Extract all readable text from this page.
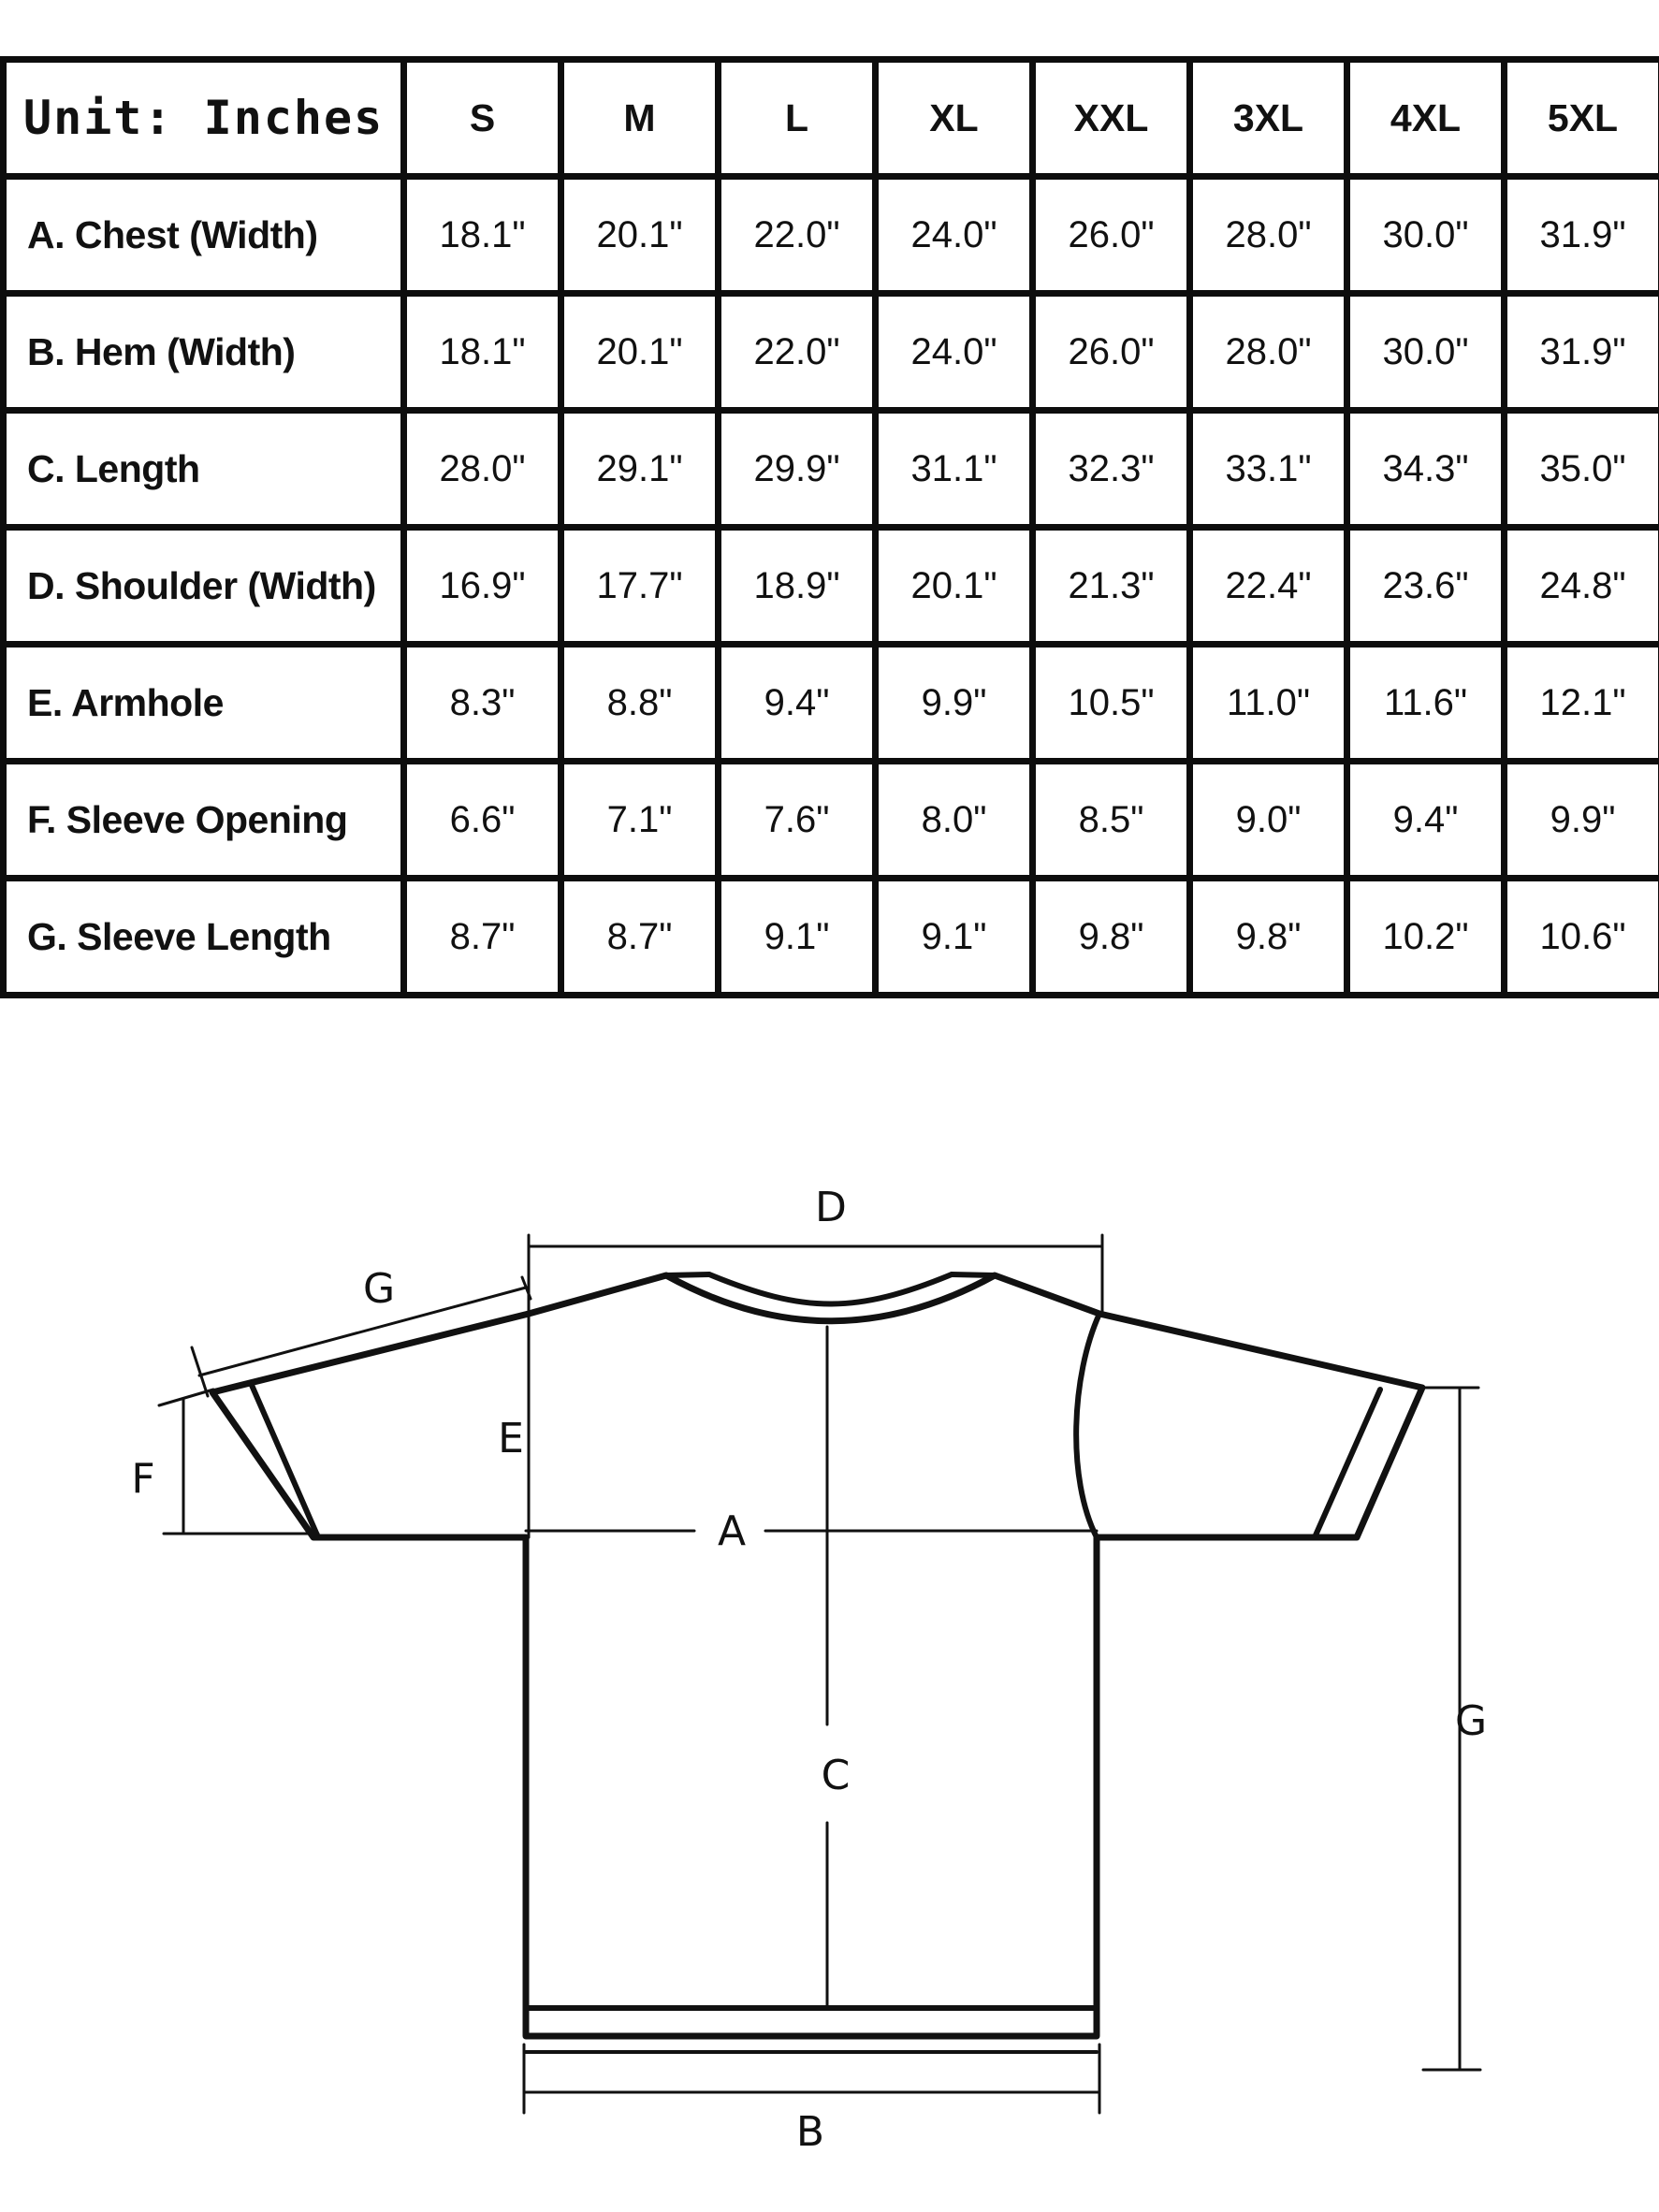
Unit: Inches	S	M	L	XL	XXL	3XL	4XL	5XL
A. Chest (Width)	18.1"	20.1"	22.0"	24.0"	26.0"	28.0"	30.0"	31.9"
B. Hem (Width)	18.1"	20.1"	22.0"	24.0"	26.0"	28.0"	30.0"	31.9"
C. Length	28.0"	29.1"	29.9"	31.1"	32.3"	33.1"	34.3"	35.0"
D. Shoulder (Width)	16.9"	17.7"	18.9"	20.1"	21.3"	22.4"	23.6"	24.8"
E. Armhole	8.3"	8.8"	9.4"	9.9"	10.5"	11.0"	11.6"	12.1"
F. Sleeve Opening	6.6"	7.1"	7.6"	8.0"	8.5"	9.0"	9.4"	9.9"
G. Sleeve Length	8.7"	8.7"	9.1"	9.1"	9.8"	9.8"	10.2"	10.6"
D
G
E
F
A
C
G
B
